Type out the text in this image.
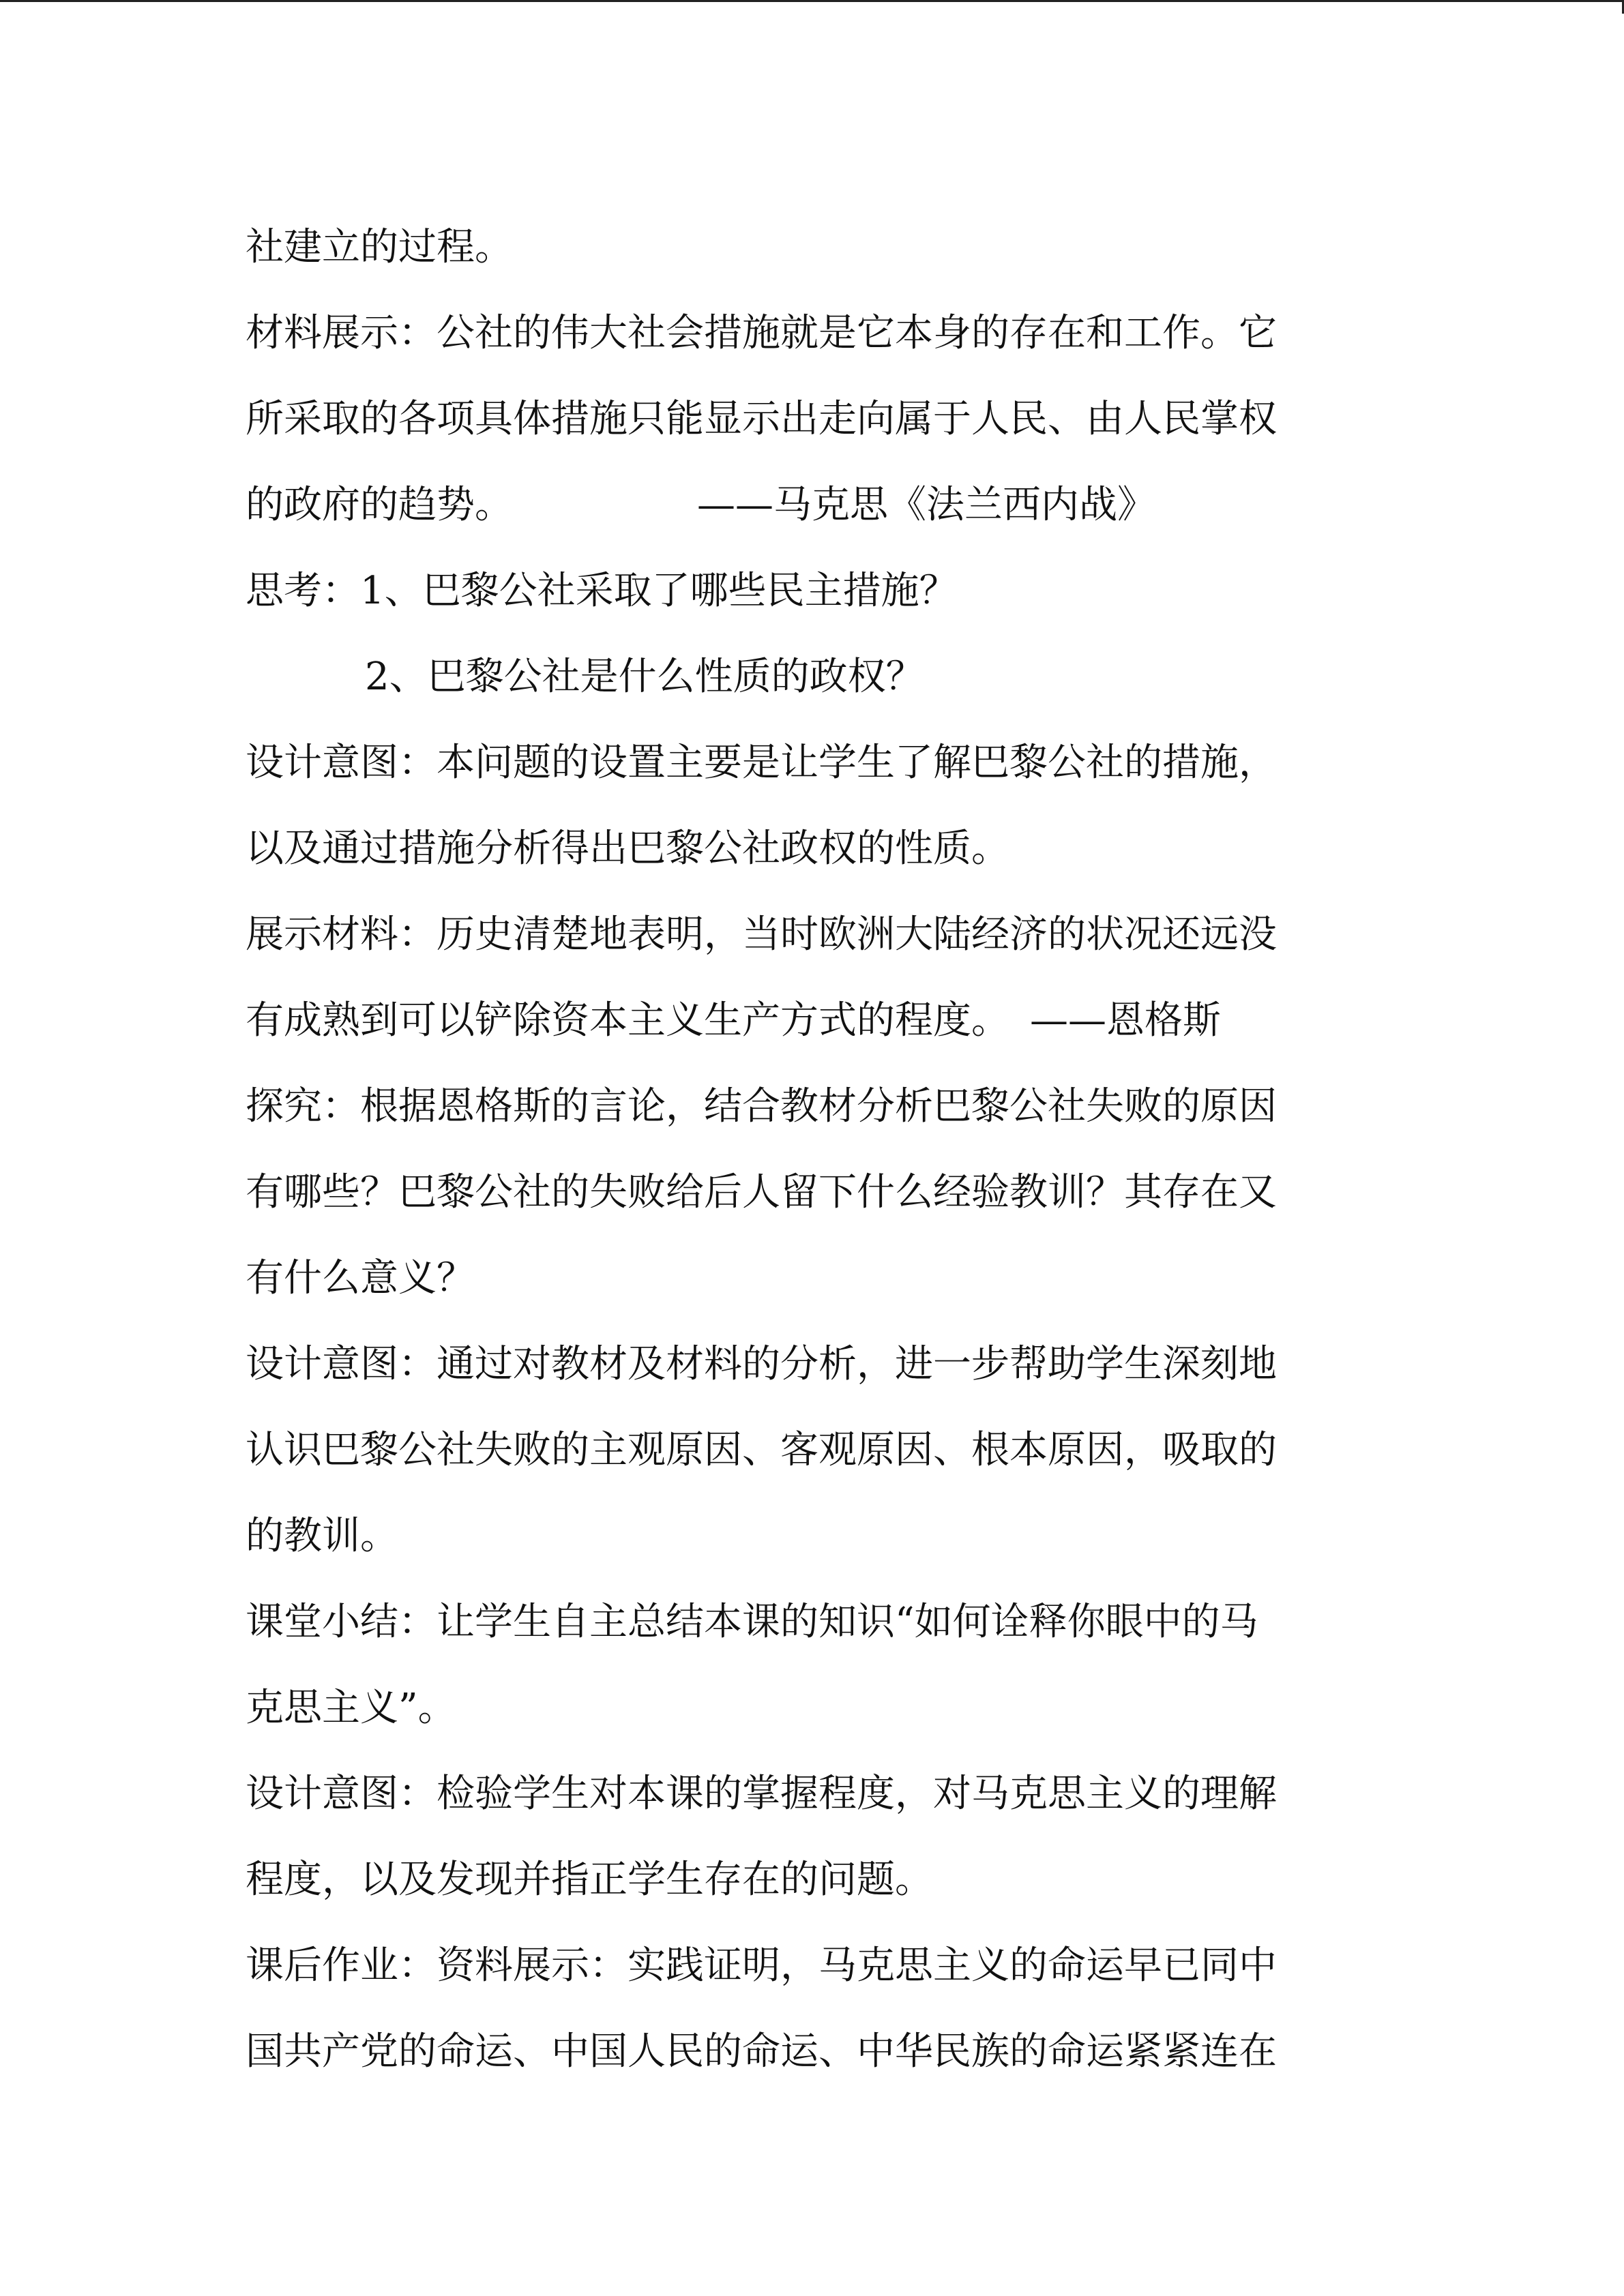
社建立的过程。
材料展示：公社的伟大社会措施就是它本身的存在和工作。它
所采取的各项具体措施只能显示出走向属于人民、由人民掌权
的政府的趋势。	——马克思《法兰西内战》
思考：1、巴黎公社采取了哪些民主措施？
2、巴黎公社是什么性质的政权？
设计意图：本问题的设置主要是让学生了解巴黎公社的措施，
以及通过措施分析得出巴黎公社政权的性质。
展示材料：历史清楚地表明，当时欧洲大陆经济的状况还远没
有成熟到可以铲除资本主义生产方式的程度。 ——恩格斯
探究：根据恩格斯的言论，结合教材分析巴黎公社失败的原因
有哪些？巴黎公社的失败给后人留下什么经验教训？其存在又
有什么意义？
设计意图：通过对教材及材料的分析，进一步帮助学生深刻地
认识巴黎公社失败的主观原因、客观原因、根本原因，吸取的
的教训。
课堂小结：让学生自主总结本课的知识“如何诠释你眼中的马
克思主义”。
设计意图：检验学生对本课的掌握程度，对马克思主义的理解
程度，以及发现并指正学生存在的问题。
课后作业：资料展示：实践证明，马克思主义的命运早已同中
国共产党的命运、中国人民的命运、中华民族的命运紧紧连在
